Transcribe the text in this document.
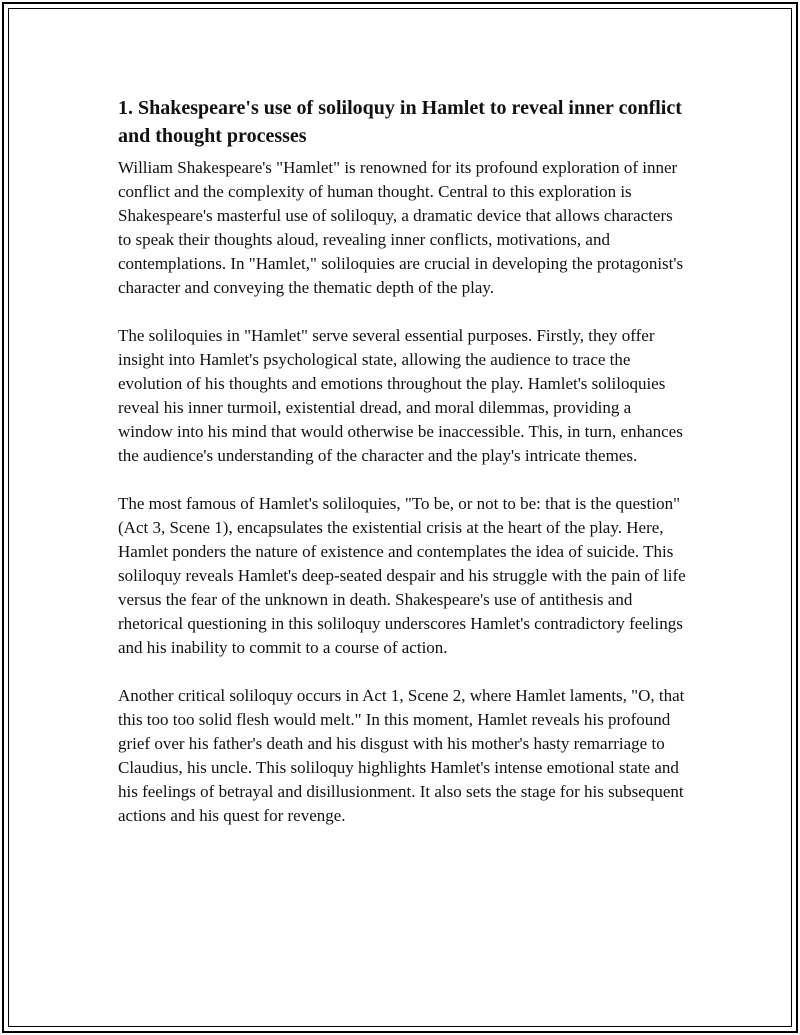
1. Shakespeare's use of soliloquy in Hamlet to reveal inner conflict and thought processes

William Shakespeare's "Hamlet" is renowned for its profound exploration of inner conflict and the complexity of human thought. Central to this exploration is Shakespeare's masterful use of soliloquy, a dramatic device that allows characters to speak their thoughts aloud, revealing inner conflicts, motivations, and contemplations. In "Hamlet," soliloquies are crucial in developing the protagonist's character and conveying the thematic depth of the play.

The soliloquies in "Hamlet" serve several essential purposes. Firstly, they offer insight into Hamlet's psychological state, allowing the audience to trace the evolution of his thoughts and emotions throughout the play. Hamlet's soliloquies reveal his inner turmoil, existential dread, and moral dilemmas, providing a window into his mind that would otherwise be inaccessible. This, in turn, enhances the audience's understanding of the character and the play's intricate themes.

The most famous of Hamlet's soliloquies, "To be, or not to be: that is the question" (Act 3, Scene 1), encapsulates the existential crisis at the heart of the play. Here, Hamlet ponders the nature of existence and contemplates the idea of suicide. This soliloquy reveals Hamlet's deep-seated despair and his struggle with the pain of life versus the fear of the unknown in death. Shakespeare's use of antithesis and rhetorical questioning in this soliloquy underscores Hamlet's contradictory feelings and his inability to commit to a course of action.

Another critical soliloquy occurs in Act 1, Scene 2, where Hamlet laments, "O, that this too too solid flesh would melt." In this moment, Hamlet reveals his profound grief over his father's death and his disgust with his mother's hasty remarriage to Claudius, his uncle. This soliloquy highlights Hamlet's intense emotional state and his feelings of betrayal and disillusionment. It also sets the stage for his subsequent actions and his quest for revenge.
